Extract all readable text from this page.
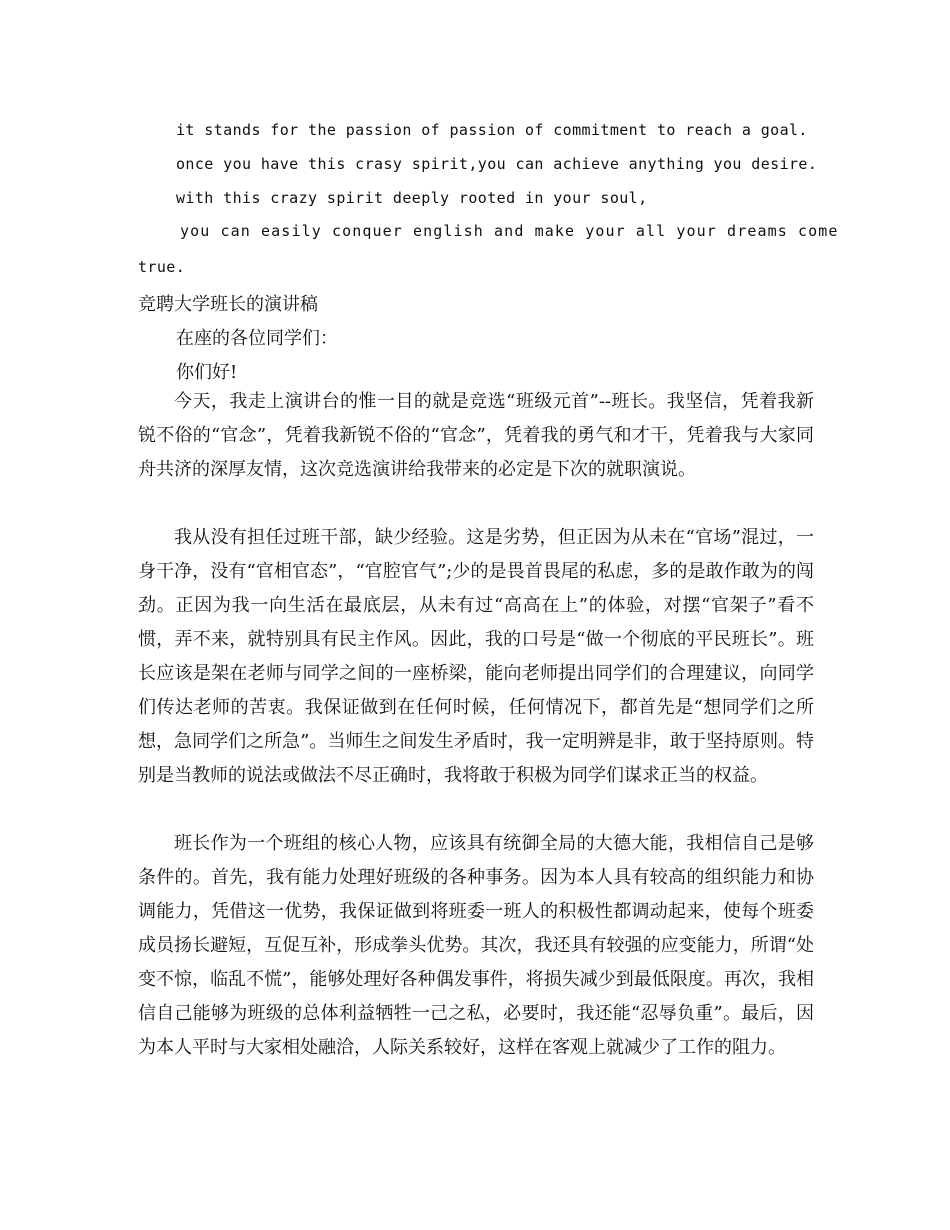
it stands for the passion of passion of commitment to reach a goal.
once you have this crasy spirit,you can achieve anything you desire.
with this crazy spirit deeply rooted in your soul,
you can easily conquer english and make your all your dreams come
true.
竞聘大学班长的演讲稿
在座的各位同学们：
你们好!

今天，我走上演讲台的惟一目的就是竞选“班级元首”--班长。我坚信，凭着我新锐不俗的“官念”，凭着我新锐不俗的“官念”，凭着我的勇气和才干，凭着我与大家同舟共济的深厚友情，这次竞选演讲给我带来的必定是下次的就职演说。

我从没有担任过班干部，缺少经验。这是劣势，但正因为从未在“官场”混过，一身干净，没有“官相官态”，“官腔官气”;少的是畏首畏尾的私虑，多的是敢作敢为的闯劲。正因为我一向生活在最底层，从未有过“高高在上”的体验，对摆“官架子”看不惯，弄不来，就特别具有民主作风。因此，我的口号是“做一个彻底的平民班长”。班长应该是架在老师与同学之间的一座桥梁，能向老师提出同学们的合理建议，向同学们传达老师的苦衷。我保证做到在任何时候，任何情况下，都首先是“想同学们之所想，急同学们之所急”。当师生之间发生矛盾时，我一定明辨是非，敢于坚持原则。特别是当教师的说法或做法不尽正确时，我将敢于积极为同学们谋求正当的权益。

班长作为一个班组的核心人物，应该具有统御全局的大德大能，我相信自己是够条件的。首先，我有能力处理好班级的各种事务。因为本人具有较高的组织能力和协调能力，凭借这一优势，我保证做到将班委一班人的积极性都调动起来，使每个班委成员扬长避短，互促互补，形成拳头优势。其次，我还具有较强的应变能力，所谓“处变不惊，临乱不慌”，能够处理好各种偶发事件，将损失减少到最低限度。再次，我相信自己能够为班级的总体利益牺牲一己之私，必要时，我还能“忍辱负重”。最后，因为本人平时与大家相处融洽，人际关系较好，这样在客观上就减少了工作的阻力。
